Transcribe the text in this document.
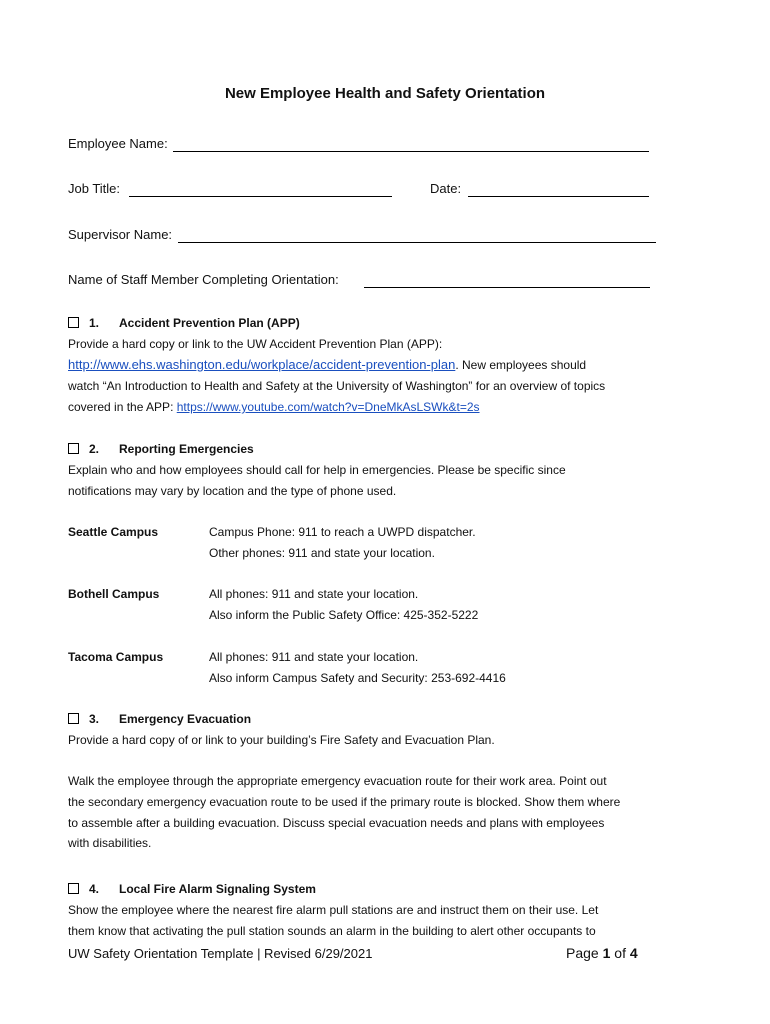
New Employee Health and Safety Orientation
Employee Name:
Job Title:	Date:
Supervisor Name:
Name of Staff Member Completing Orientation:
1. Accident Prevention Plan (APP)
Provide a hard copy or link to the UW Accident Prevention Plan (APP):
http://www.ehs.washington.edu/workplace/accident-prevention-plan. New employees should
watch “An Introduction to Health and Safety at the University of Washington” for an overview of topics
covered in the APP: https://www.youtube.com/watch?v=DneMkAsLSWk&t=2s
2. Reporting Emergencies
Explain who and how employees should call for help in emergencies. Please be specific since
notifications may vary by location and the type of phone used.
Seattle Campus	Campus Phone: 911 to reach a UWPD dispatcher.
Other phones: 911 and state your location.
Bothell Campus	All phones: 911 and state your location.
Also inform the Public Safety Office: 425-352-5222
Tacoma Campus	All phones: 911 and state your location.
Also inform Campus Safety and Security: 253-692-4416
3. Emergency Evacuation
Provide a hard copy of or link to your building’s Fire Safety and Evacuation Plan.
Walk the employee through the appropriate emergency evacuation route for their work area. Point out
the secondary emergency evacuation route to be used if the primary route is blocked. Show them where
to assemble after a building evacuation. Discuss special evacuation needs and plans with employees
with disabilities.
4. Local Fire Alarm Signaling System
Show the employee where the nearest fire alarm pull stations are and instruct them on their use. Let
them know that activating the pull station sounds an alarm in the building to alert other occupants to
UW Safety Orientation Template | Revised 6/29/2021	Page 1 of 4
